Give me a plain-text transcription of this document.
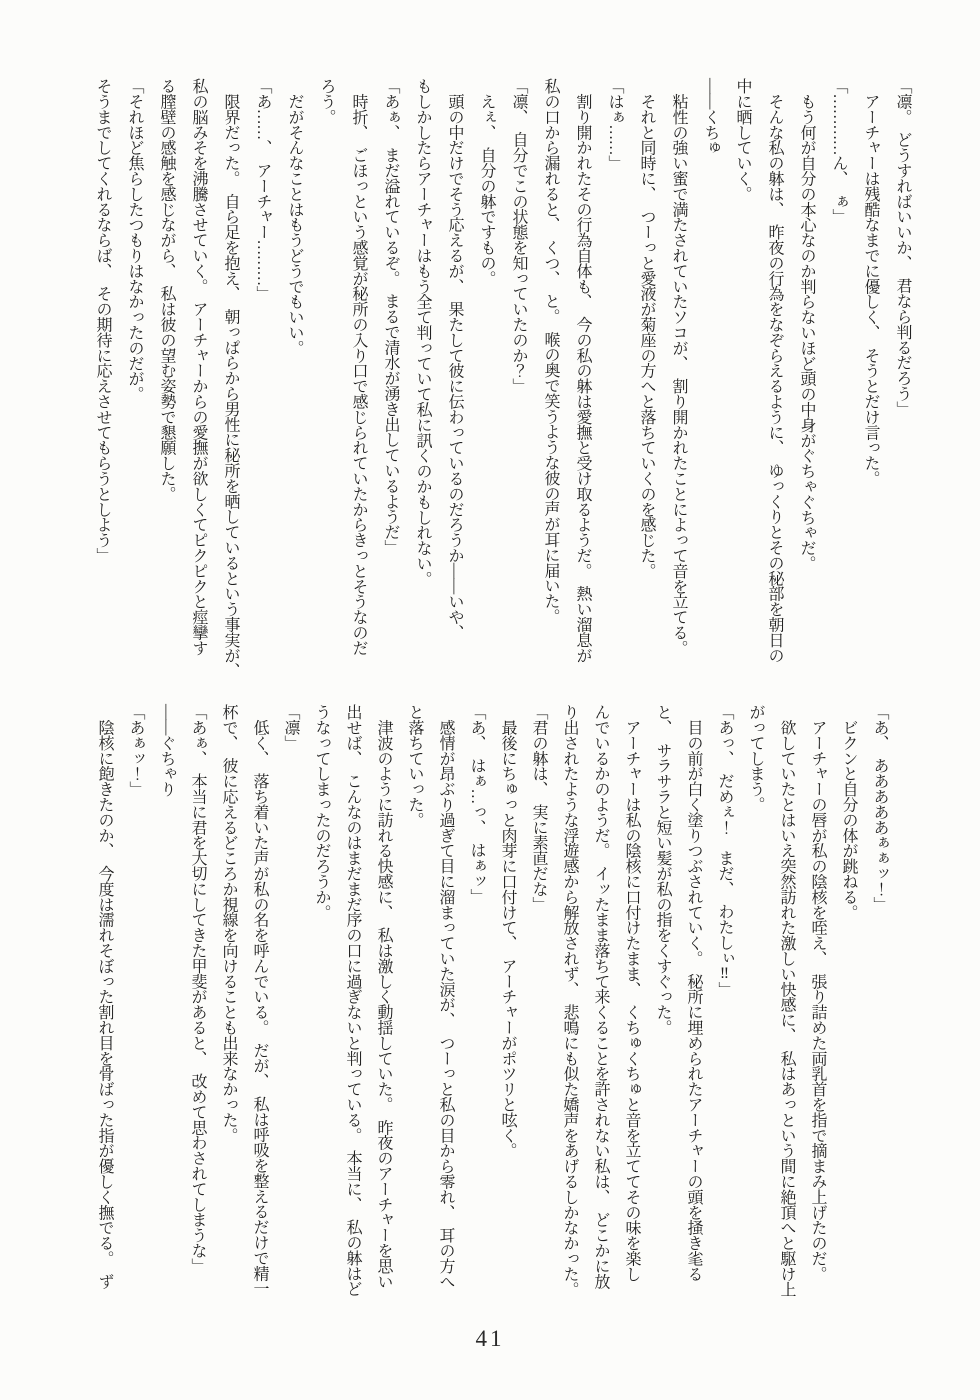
「凛。　どうすればいいか、　君なら判るだろう」
　アーチャーは残酷なまでに優しく、　そうとだけ言った。
「…………ん、　ぁ」
　もう何が自分の本心なのか判らないほど頭の中身がぐちゃぐちゃだ。
　そんな私の躰は、　昨夜の行為をなぞらえるように、　ゆっくりとその秘部を朝日の
中に晒していく。
――くちゅ
　粘性の強い蜜で満たされていたソコが、　割り開かれたことによって音を立てる。
　それと同時に、　つーっと愛液が菊座の方へと落ちていくのを感じた。
「はぁ……」
　割り開かれたその行為自体も、　今の私の躰は愛撫と受け取るようだ。　熱い溜息が
私の口から漏れると、　くつ、　と。　喉の奥で笑うような彼の声が耳に届いた。
「凛、　自分でこの状態を知っていたのか？」
　えぇ、　自分の躰ですもの。
　頭の中だけでそう応えるが、　果たして彼に伝わっているのだろうか――いや、
もしかしたらアーチャーはもう全て判っていて私に訊くのかもしれない。
「あぁ、　まだ溢れているぞ。　まるで清水が湧き出しているようだ」
　時折、　ごほっという感覚が秘所の入り口で感じられていたからきっとそうなのだ
ろう。
　だがそんなことはもうどうでもいい。
「あ……、　アーチャー………」
　限界だった。　自ら足を抱え、　朝っぱらから男性に秘所を晒しているという事実が、
私の脳みそを沸騰させていく。　アーチャーからの愛撫が欲しくてピクピクと痙攣す
る膣壁の感触を感じながら、　私は彼の望む姿勢で懇願した。
「それほど焦らしたつもりはなかったのだが。
そうまでしてくれるならば、　その期待に応えさせてもらうとしよう」
「あ、　あああああぁぁッ！」
　ビクンと自分の体が跳ねる。
　アーチャーの唇が私の陰核を咥え、　張り詰めた両乳首を指で摘まみ上げたのだ。
　欲していたとはいえ突然訪れた激しい快感に、　私はあっという間に絶頂へと駆け上
がってしまう。
「あっ、　だめぇ！　まだ、　わたしぃ‼」
　目の前が白く塗りつぶされていく。　秘所に埋められたアーチャーの頭を掻き毟る
と、　サラサラと短い髪が私の指をくすぐった。
　アーチャーは私の陰核に口付けたまま、　くちゅくちゅと音を立ててその味を楽し
んでいるかのようだ。　イッたまま落ちて来くることを許されない私は、　どこかに放
り出されたような浮遊感から解放されず、　悲鳴にも似た嬌声をあげるしかなかった。
「君の躰は、　実に素直だな」
　最後にちゅっと肉芽に口付けて、　アーチャーがポツリと呟く。
「あ、　はぁ…っ、　はぁッ」
　感情が昂ぶり過ぎて目に溜まっていた涙が、　つーっと私の目から零れ、　耳の方へ
と落ちていった。
　津波のように訪れる快感に、　私は激しく動揺していた。　昨夜のアーチャーを思い
出せば、　こんなのはまだまだ序の口に過ぎないと判っている。　本当に、　私の躰はど
うなってしまったのだろうか。
「凛」
　低く、　落ち着いた声が私の名を呼んでいる。　だが、　私は呼吸を整えるだけで精一
杯で、　彼に応えるどころか視線を向けることも出来なかった。
「あぁ、　本当に君を大切にしてきた甲斐があると、　改めて思わされてしまうな」
――ぐちゃり
「あぁッ！」
　陰核に飽きたのか、　今度は濡れそぼった割れ目を骨ばった指が優しく撫でる。　ず
41
